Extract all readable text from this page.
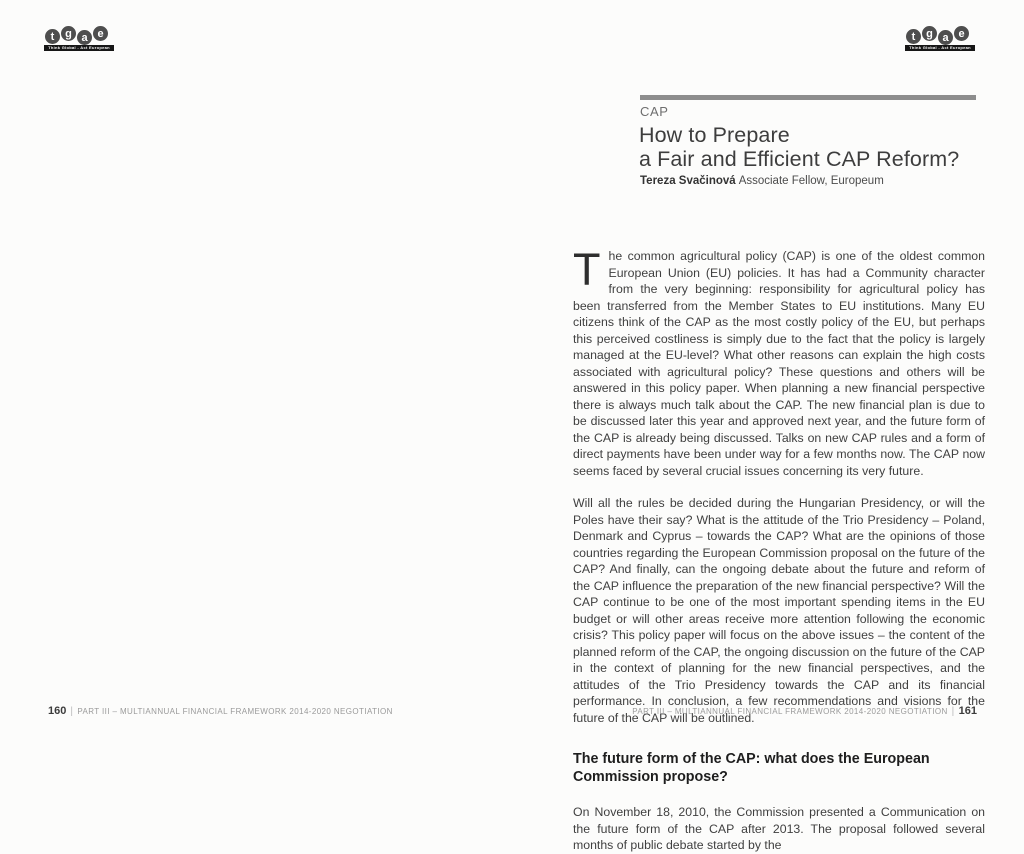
t g a e
Think Global - Act European
t g a e
Think Global - Act European
CAP
How to Prepare
a Fair and Efficient CAP Reform?
Tereza Svačinová Associate Fellow, Europeum

The common agricultural policy (CAP) is one of the oldest common European Union (EU) policies. It has had a Community character from the very beginning: responsibility for agricultural policy has been transferred from the Member States to EU institutions. Many EU citizens think of the CAP as the most costly policy of the EU, but perhaps this perceived costliness is simply due to the fact that the policy is largely managed at the EU-level? What other reasons can explain the high costs associated with agricultural policy? These questions and others will be answered in this policy paper. When planning a new financial perspective there is always much talk about the CAP. The new financial plan is due to be discussed later this year and approved next year, and the future form of the CAP is already being discussed. Talks on new CAP rules and a form of direct payments have been under way for a few months now. The CAP now seems faced by several crucial issues concerning its very future.

Will all the rules be decided during the Hungarian Presidency, or will the Poles have their say? What is the attitude of the Trio Presidency – Poland, Denmark and Cyprus – towards the CAP? What are the opinions of those countries regarding the European Commission proposal on the future of the CAP? And finally, can the ongoing debate about the future and reform of the CAP influence the preparation of the new financial perspective? Will the CAP continue to be one of the most important spending items in the EU budget or will other areas receive more attention following the economic crisis? This policy paper will focus on the above issues – the content of the planned reform of the CAP, the ongoing discussion on the future of the CAP in the context of planning for the new financial perspectives, and the attitudes of the Trio Presidency towards the CAP and its financial performance. In conclusion, a few recommendations and visions for the future of the CAP will be outlined.

The future form of the CAP: what does the European Commission propose?

On November 18, 2010, the Commission presented a Communication on the future form of the CAP after 2013. The proposal followed several months of public debate started by the

160 | PART III – MULTIANNUAL FINANCIAL FRAMEWORK 2014-2020 NEGOTIATION	PART III – MULTIANNUAL FINANCIAL FRAMEWORK 2014-2020 NEGOTIATION | 161
